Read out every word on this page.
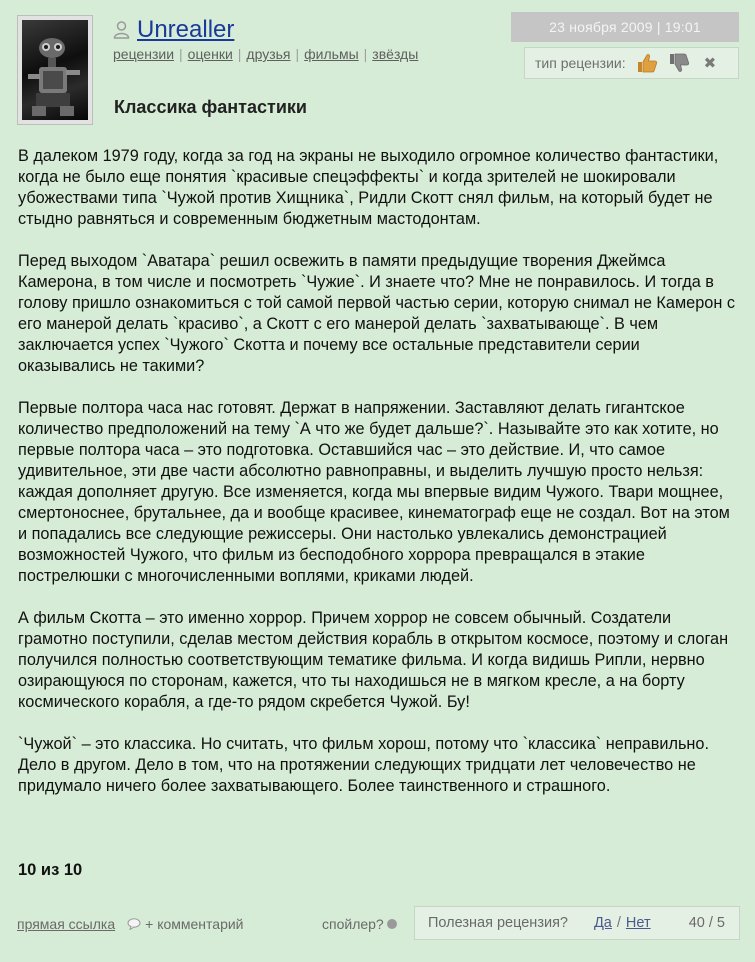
Unrealler
рецензии | оценки | друзья | фильмы | звёзды
23 ноября 2009 | 19:01
тип рецензии:	✖
Классика фантастики

В далеком 1979 году, когда за год на экраны не выходило огромное количество фантастики, когда не было еще понятия `красивые спецэффекты` и когда зрителей не шокировали убожествами типа `Чужой против Хищника`, Ридли Скотт снял фильм, на который будет не стыдно равняться и современным бюджетным мастодонтам.

Перед выходом `Аватара` решил освежить в памяти предыдущие творения Джеймса Камерона, в том числе и посмотреть `Чужие`. И знаете что? Мне не понравилось. И тогда в голову пришло ознакомиться с той самой первой частью серии, которую снимал не Камерон с его манерой делать `красиво`, а Скотт с его манерой делать `захватывающе`. В чем заключается успех `Чужого` Скотта и почему все остальные представители серии оказывались не такими?

Первые полтора часа нас готовят. Держат в напряжении. Заставляют делать гигантское количество предположений на тему `А что же будет дальше?`. Называйте это как хотите, но первые полтора часа – это подготовка. Оставшийся час – это действие. И, что самое удивительное, эти две части абсолютно равноправны, и выделить лучшую просто нельзя: каждая дополняет другую. Все изменяется, когда мы впервые видим Чужого. Твари мощнее, смертоноснее, брутальнее, да и вообще красивее, кинематограф еще не создал. Вот на этом и попадались все следующие режиссеры. Они настолько увлекались демонстрацией возможностей Чужого, что фильм из бесподобного хоррора превращался в этакие пострелюшки с многочисленными воплями, криками людей.

А фильм Скотта – это именно хоррор. Причем хоррор не совсем обычный. Создатели грамотно поступили, сделав местом действия корабль в открытом космосе, поэтому и слоган получился полностью соответствующим тематике фильма. И когда видишь Рипли, нервно озирающуюся по сторонам, кажется, что ты находишься не в мягком кресле, а на борту космического корабля, а где-то рядом скребется Чужой. Бу!

`Чужой` – это классика. Но считать, что фильм хорош, потому что `классика` неправильно. Дело в другом. Дело в том, что на протяжении следующих тридцати лет человечество не придумало ничего более захватывающего. Более таинственного и страшного.

10 из 10
прямая ссылка + комментарий	спойлер?	Полезная рецензия? Да / Нет	40 / 5
